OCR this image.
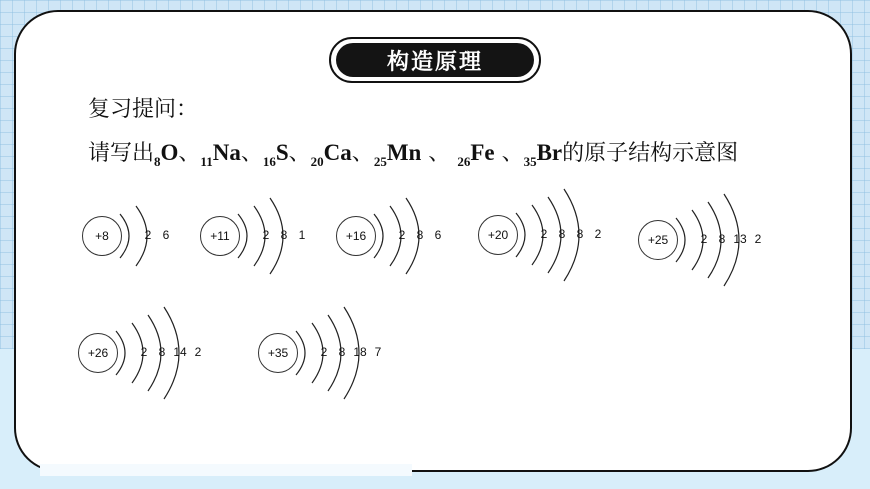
构造原理
复习提问：
请写出$_8$O、$_{11}$Na、$_{16}$S、$_{20}$Ca、$_{25}$Mn 、 $_{26}$Fe 、$_{35}$Br的原子结构示意图
2 6
+8	2 8 1
+11	2 8 6
+16	2 8 8 2
+20	2 8 13 2
+25
2 8 14 2
+26	2 8 18 7
+35
